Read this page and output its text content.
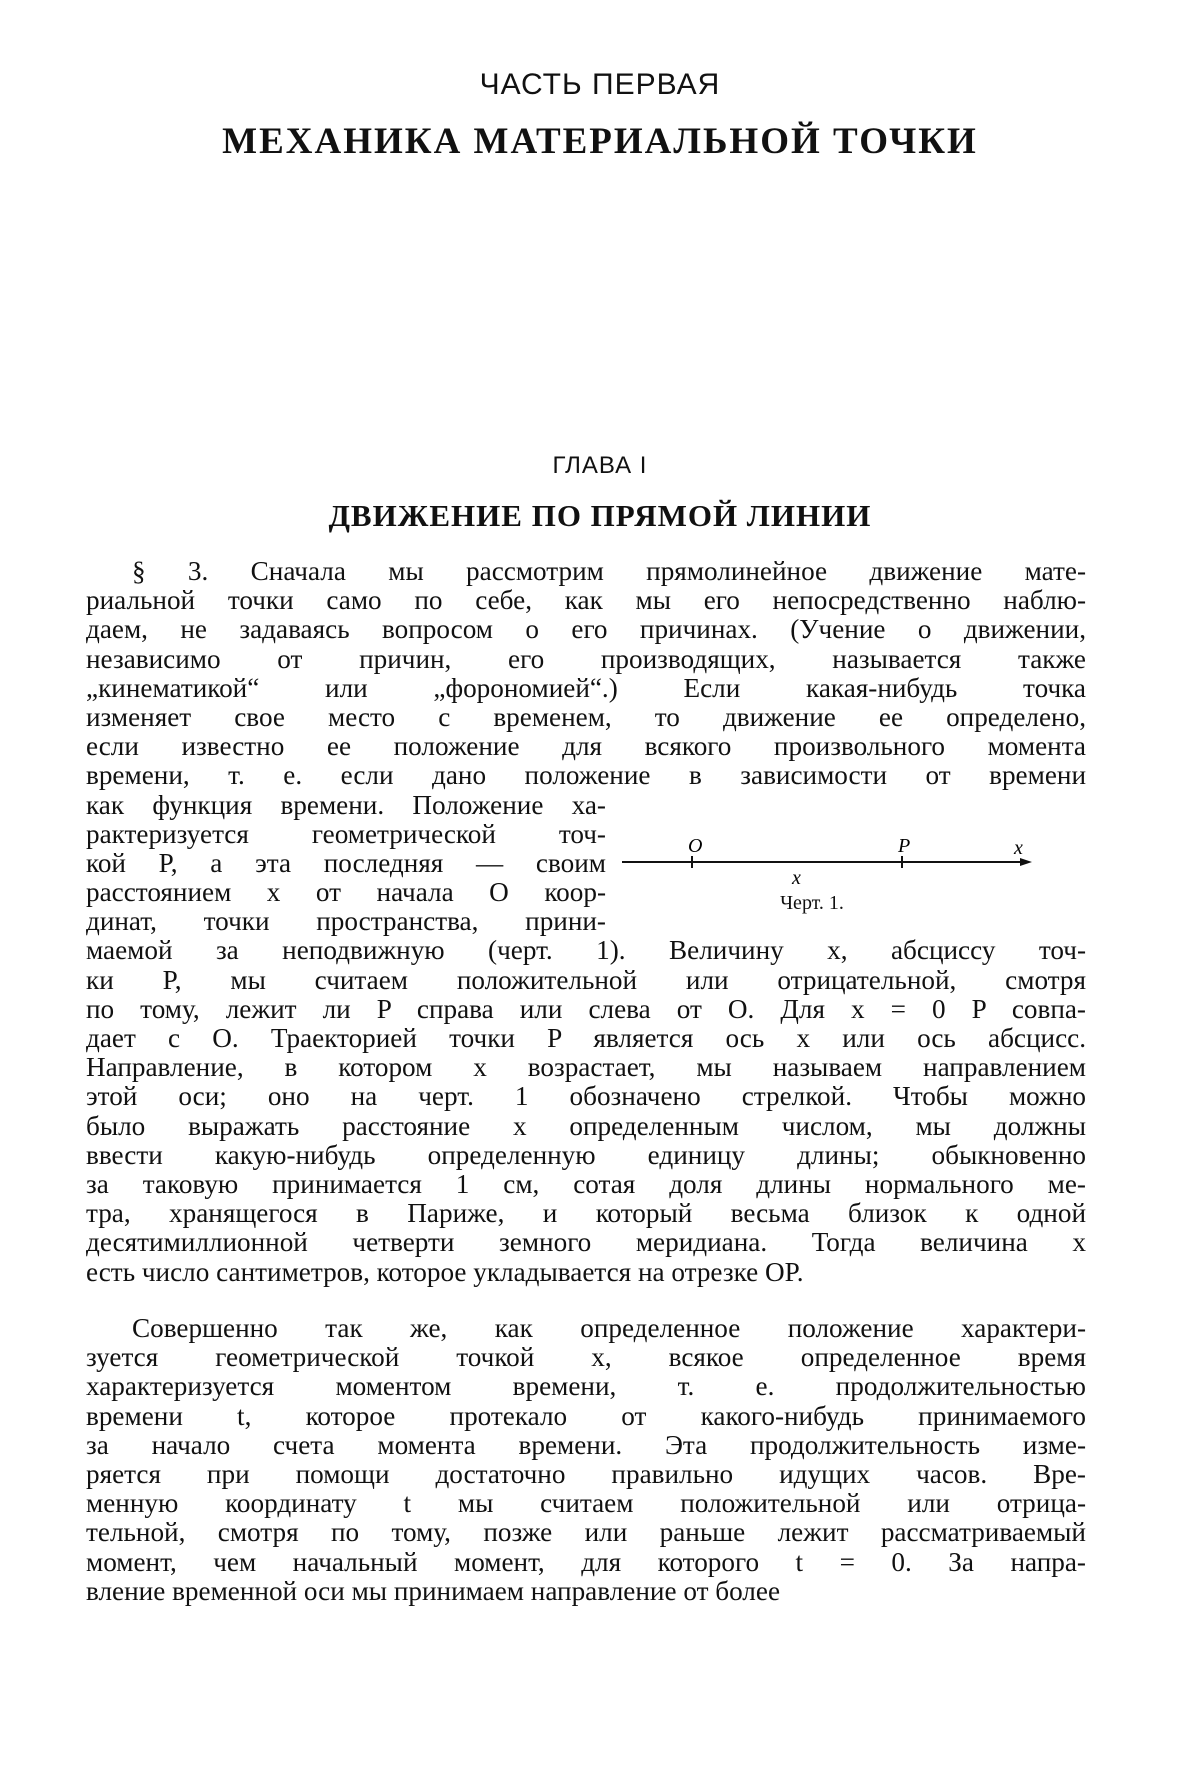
ЧАСТЬ ПЕРВАЯ
МЕХАНИКА МАТЕРИАЛЬНОЙ ТОЧКИ
ГЛАВА I
ДВИЖЕНИЕ ПО ПРЯМОЙ ЛИНИИ
§ 3. Сначала мы рассмотрим прямолинейное движение мате-
риальной точки само по себе, как мы его непосредственно наблю-
даем, не задаваясь вопросом о его причинах. (Учение о движении,
независимо от причин, его производящих, называется также
„кинематикой“ или „форономией“.) Если какая-нибудь точка
изменяет свое место с временем, то движение ее определено,
если известно ее положение для всякого произвольного момента
времени, т. е. если дано положение в зависимости от времени
как функция времени. Положение ха-
рактеризуется геометрической точ-
кой P, а эта последняя — своим
расстоянием x от начала O коор-
динат, точки пространства, прини-
маемой за неподвижную (черт. 1). Величину x, абсциссу точ-
ки P, мы считаем положительной или отрицательной, смотря
по тому, лежит ли P справа или слева от O. Для x = 0 P совпа-
дает с O. Траекторией точки P является ось x или ось абсцисс.
Направление, в котором x возрастает, мы называем направлением
этой оси; оно на черт. 1 обозначено стрелкой. Чтобы можно
было выражать расстояние x определенным числом, мы должны
ввести какую-нибудь определенную единицу длины; обыкновенно
за таковую принимается 1 см, сотая доля длины нормального ме-
тра, хранящегося в Париже, и который весьма близок к одной
десятимиллионной четверти земного меридиана. Тогда величина x
есть число сантиметров, которое укладывается на отрезке OP.
Совершенно так же, как определенное положение характери-
зуется геометрической точкой x, всякое определенное время
характеризуется моментом времени, т. е. продолжительностью
времени t, которое протекало от какого-нибудь принимаемого
за начало счета момента времени. Эта продолжительность изме-
ряется при помощи достаточно правильно идущих часов. Вре-
менную координату t мы считаем положительной или отрица-
тельной, смотря по тому, позже или раньше лежит рассматриваемый
момент, чем начальный момент, для которого t = 0. За напра-
вление временной оси мы принимаем направление от более
O	P	x
x
Черт. 1.
